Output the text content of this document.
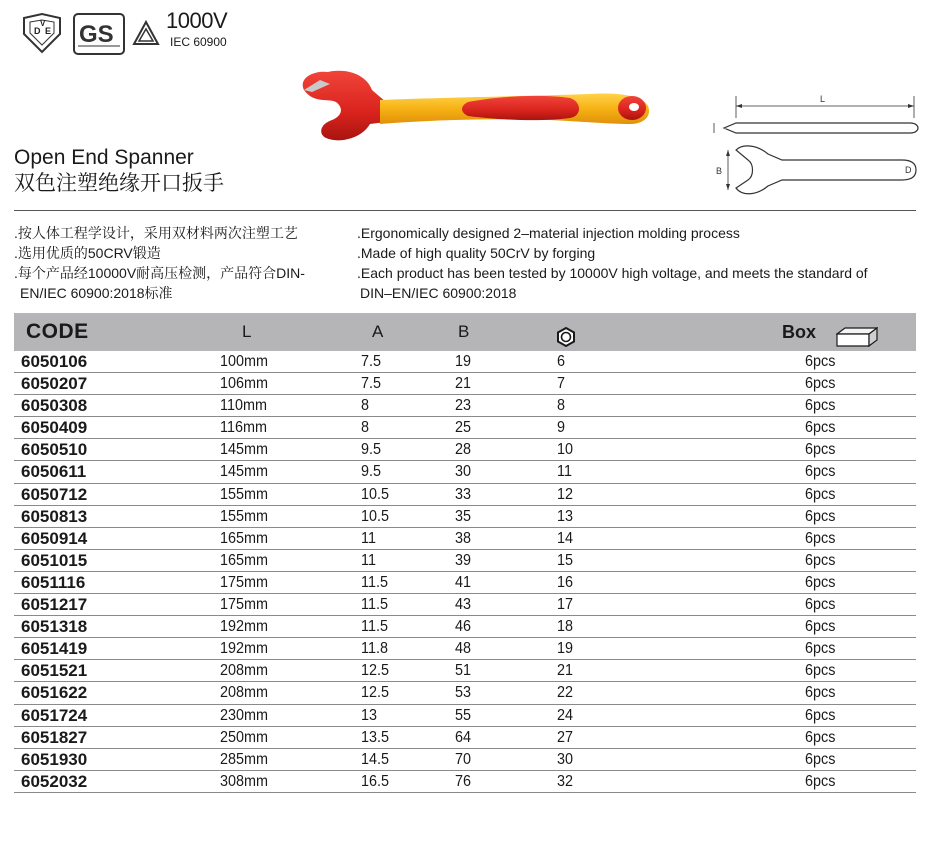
D
V
E GS
1000V
IEC 60900
L
B	D
Open End Spanner
双色注塑绝缘开口扳手
.按人体工程学设计，采用双材料两次注塑工艺
.选用优质的50CRV锻造
.每个产品经10000V耐高压检测，产品符合DIN-
EN/IEC 60900:2018标准
.Ergonomically designed 2–material injection molding process
.Made of high quality 50CrV by forging
.Each product has been tested by 10000V high voltage, and meets the standard of
DIN–EN/IEC 60900:2018
CODE	L	A	B	Box
6050106	100mm	7.5	19	6	6pcs
6050207	106mm	7.5	21	7	6pcs
6050308	110mm	8	23	8	6pcs
6050409	116mm	8	25	9	6pcs
6050510	145mm	9.5	28	10	6pcs
6050611	145mm	9.5	30	11	6pcs
6050712	155mm	10.5	33	12	6pcs
6050813	155mm	10.5	35	13	6pcs
6050914	165mm	11	38	14	6pcs
6051015	165mm	11	39	15	6pcs
6051116	175mm	11.5	41	16	6pcs
6051217	175mm	11.5	43	17	6pcs
6051318	192mm	11.5	46	18	6pcs
6051419	192mm	11.8	48	19	6pcs
6051521	208mm	12.5	51	21	6pcs
6051622	208mm	12.5	53	22	6pcs
6051724	230mm	13	55	24	6pcs
6051827	250mm	13.5	64	27	6pcs
6051930	285mm	14.5	70	30	6pcs
6052032	308mm	16.5	76	32	6pcs
